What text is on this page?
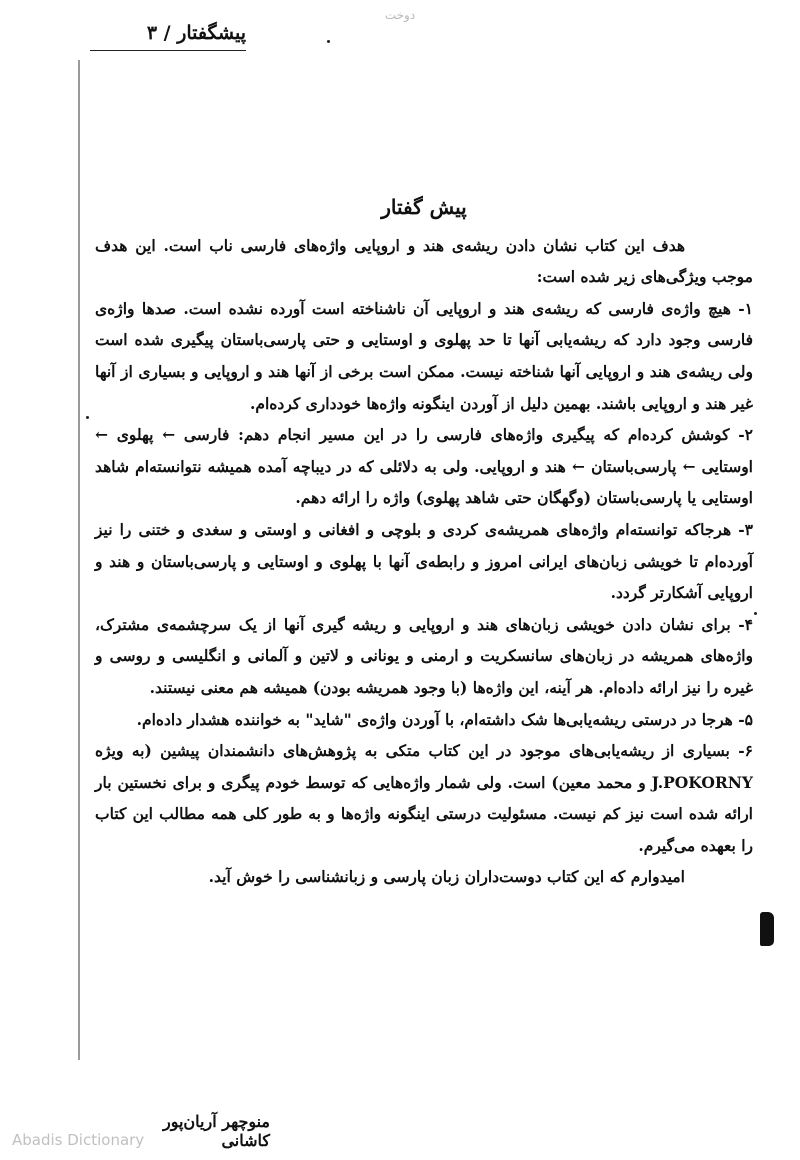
دوخت
پیشگفتار / ۳
پیش گفتار

هدف این کتاب نشان دادن ریشه‌ی هند و اروپایی واژه‌های فارسی ناب است. این هدف موجب ویژگی‌های زیر شده است:

۱- هیچ واژه‌ی فارسی که ریشه‌ی هند و اروپایی آن ناشناخته است آورده نشده است. صدها واژه‌ی فارسی وجود دارد که ریشه‌یابی آنها تا حد پهلوی و اوستایی و حتی پارسی‌باستان پیگیری شده است ولی ریشه‌ی هند و اروپایی آنها شناخته نیست. ممکن است برخی از آنها هند و اروپایی و بسیاری از آنها غیر هند و اروپایی باشند. بهمین دلیل از آوردن اینگونه واژه‌ها خودداری کرده‌ام.

۲- کوشش کرده‌ام که پیگیری واژه‌های فارسی را در این مسیر انجام دهم: فارسی ← پهلوی ← اوستایی ← پارسی‌باستان ← هند و اروپایی. ولی به دلائلی که در دیباچه آمده همیشه نتوانسته‌ام شاهد اوستایی یا پارسی‌باستان (وگهگان حتی شاهد پهلوی) واژه را ارائه دهم.

۳- هرجاکه توانسته‌ام واژه‌های همریشه‌ی کردی و بلوچی و افغانی و اوستی و سغدی و ختنی را نیز آورده‌ام تا خویشی زبان‌های ایرانی امروز و رابطه‌ی آنها با پهلوی و اوستایی و پارسی‌باستان و هند و اروپایی آشکارتر گردد.

۴- برای نشان دادن خویشی زبان‌های هند و اروپایی و ریشه گیری آنها از یک سرچشمه‌ی مشترک، واژه‌های همریشه در زبان‌های سانسکریت و ارمنی و یونانی و لاتین و آلمانی و انگلیسی و روسی و غیره را نیز ارائه داده‌ام. هر آینه، این واژه‌ها (با وجود همریشه بودن) همیشه هم معنی نیستند.

۵- هرجا در درستی ریشه‌یابی‌ها شک داشته‌ام، با آوردن واژه‌ی "شاید" به خواننده هشدار داده‌ام.

۶- بسیاری از ریشه‌یابی‌های موجود در این کتاب متکی به پژوهش‌های دانشمندان پیشین (به ویژه J.POKORNY و محمد معین) است. ولی شمار واژه‌هایی که توسط خودم پیگری و برای نخستین بار ارائه شده است نیز کم نیست. مسئولیت درستی اینگونه واژه‌ها و به طور کلی همه مطالب این کتاب را بعهده می‌گیرم.

امیدوارم که این کتاب دوست‌داران زبان پارسی و زبانشناسی را خوش آید.

منوچهر آریان‌پور کاشانی
Abadis Dictionary
